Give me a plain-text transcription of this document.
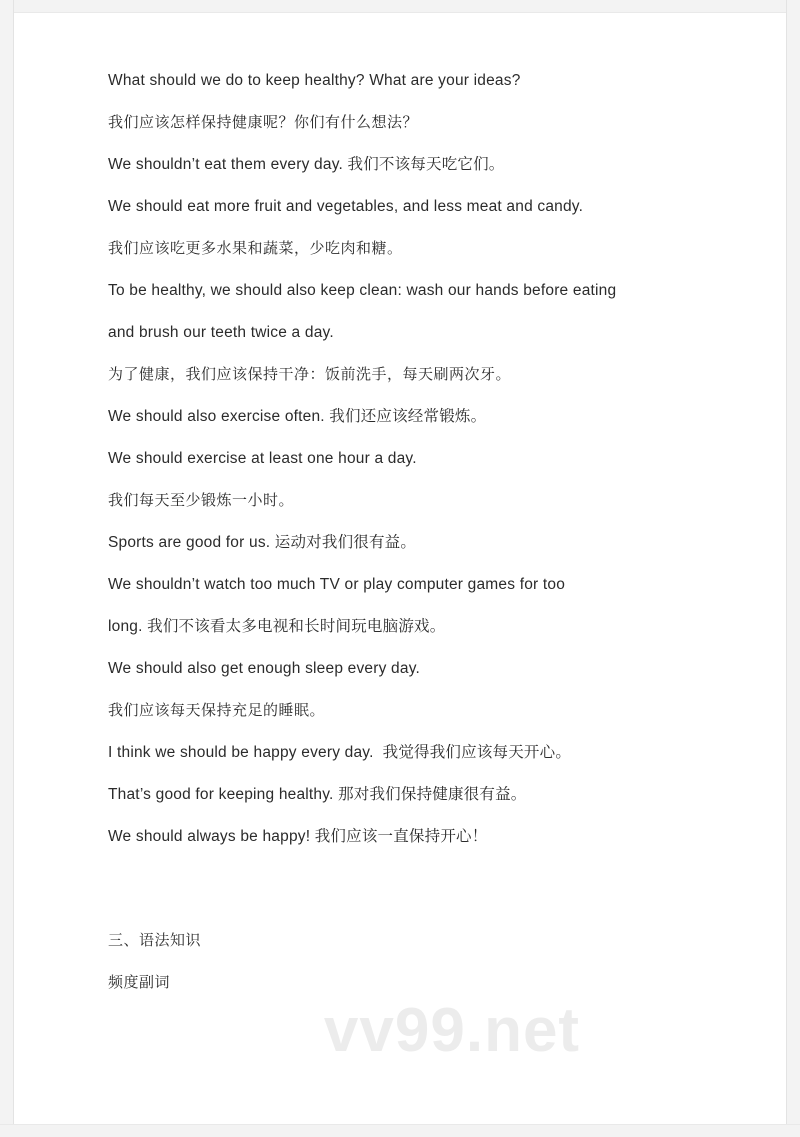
What should we do to keep healthy? What are your ideas?
我们应该怎样保持健康呢？你们有什么想法？
We shouldn’t eat them every day. 我们不该每天吃它们。
We should eat more fruit and vegetables, and less meat and candy.
我们应该吃更多水果和蔬菜，少吃肉和糖。
To be healthy, we should also keep clean: wash our hands before eating
and brush our teeth twice a day.
为了健康，我们应该保持干净：饭前洗手，每天刷两次牙。
We should also exercise often. 我们还应该经常锻炼。
We should exercise at least one hour a day.
我们每天至少锻炼一小时。
Sports are good for us. 运动对我们很有益。
We shouldn’t watch too much TV or play computer games for too
long. 我们不该看太多电视和长时间玩电脑游戏。
We should also get enough sleep every day.
我们应该每天保持充足的睡眠。
I think we should be happy every day.  我觉得我们应该每天开心。
That’s good for keeping healthy. 那对我们保持健康很有益。
We should always be happy! 我们应该一直保持开心！
三、语法知识
频度副词
vv99.net
